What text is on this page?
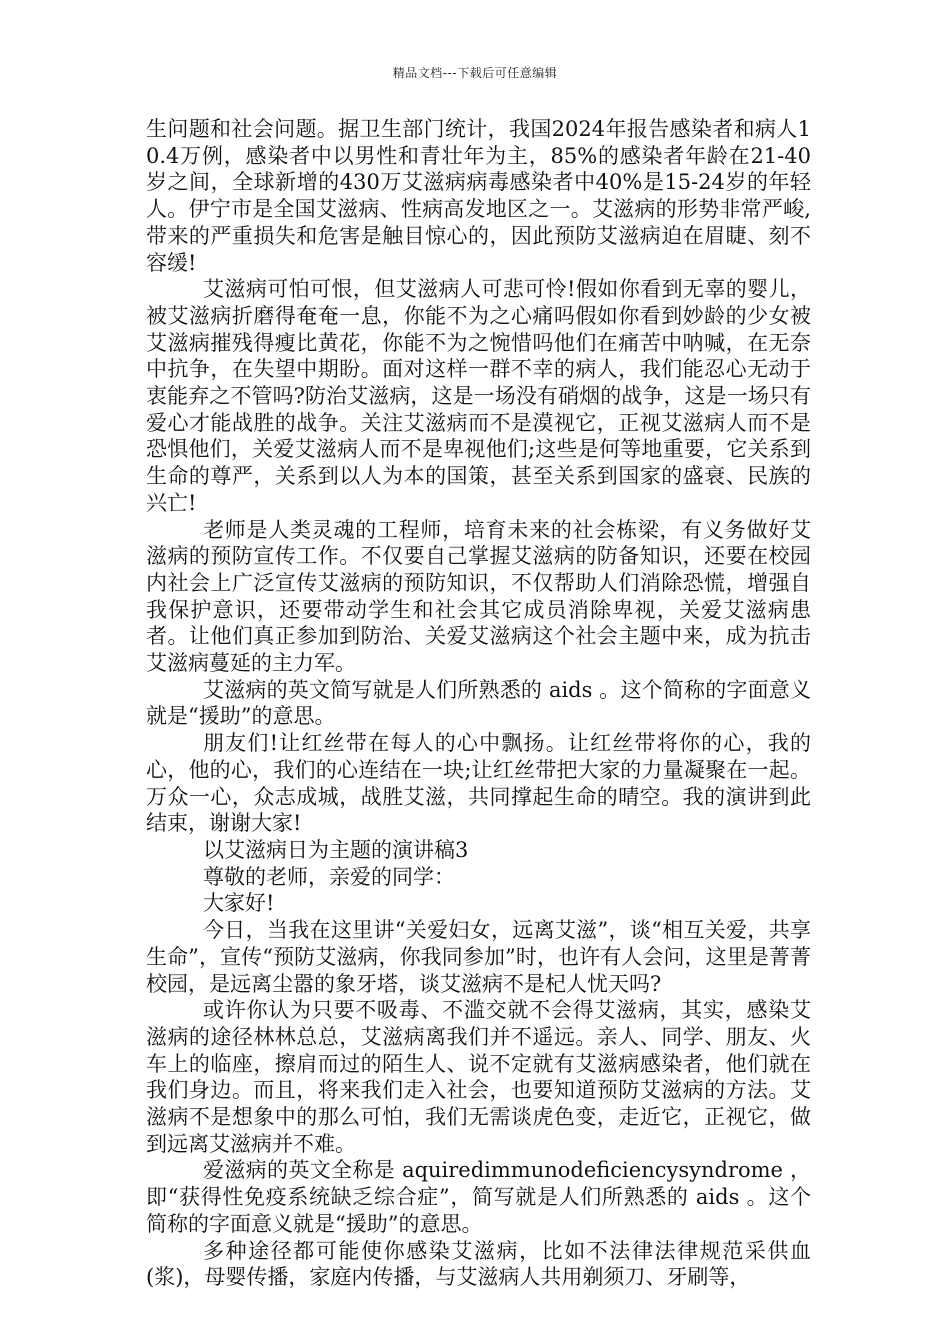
精品文档---下载后可任意编辑

生问题和社会问题。据卫生部门统计，我国2024年报告感染者和病人10.4万例，感染者中以男性和青壮年为主，85%的感染者年龄在21-40岁之间，全球新增的430万艾滋病病毒感染者中40%是15-24岁的年轻人。伊宁市是全国艾滋病、性病高发地区之一。艾滋病的形势非常严峻,带来的严重损失和危害是触目惊心的，因此预防艾滋病迫在眉睫、刻不容缓!

艾滋病可怕可恨，但艾滋病人可悲可怜!假如你看到无辜的婴儿，被艾滋病折磨得奄奄一息，你能不为之心痛吗假如你看到妙龄的少女被艾滋病摧残得瘦比黄花，你能不为之惋惜吗他们在痛苦中呐喊，在无奈中抗争，在失望中期盼。面对这样一群不幸的病人，我们能忍心无动于衷能弃之不管吗?防治艾滋病，这是一场没有硝烟的战争，这是一场只有爱心才能战胜的战争。关注艾滋病而不是漠视它，正视艾滋病人而不是恐惧他们，关爱艾滋病人而不是卑视他们;这些是何等地重要，它关系到生命的尊严，关系到以人为本的国策，甚至关系到国家的盛衰、民族的兴亡!

老师是人类灵魂的工程师，培育未来的社会栋梁，有义务做好艾滋病的预防宣传工作。不仅要自己掌握艾滋病的防备知识，还要在校园内社会上广泛宣传艾滋病的预防知识，不仅帮助人们消除恐慌，增强自我保护意识，还要带动学生和社会其它成员消除卑视，关爱艾滋病患者。让他们真正参加到防治、关爱艾滋病这个社会主题中来，成为抗击艾滋病蔓延的主力军。

艾滋病的英文简写就是人们所熟悉的 aids 。这个简称的字面意义就是“援助”的意思。

朋友们!让红丝带在每人的心中飘扬。让红丝带将你的心，我的心，他的心，我们的心连结在一块;让红丝带把大家的力量凝聚在一起。万众一心，众志成城，战胜艾滋，共同撑起生命的晴空。我的演讲到此结束，谢谢大家!

以艾滋病日为主题的演讲稿3

尊敬的老师，亲爱的同学：

大家好!

今日，当我在这里讲“关爱妇女，远离艾滋”，谈“相互关爱，共享生命”，宣传“预防艾滋病，你我同参加”时，也许有人会问，这里是菁菁校园，是远离尘嚣的象牙塔，谈艾滋病不是杞人忧天吗?

或许你认为只要不吸毒、不滥交就不会得艾滋病，其实，感染艾滋病的途径林林总总，艾滋病离我们并不遥远。亲人、同学、朋友、火车上的临座，擦肩而过的陌生人、说不定就有艾滋病感染者，他们就在我们身边。而且，将来我们走入社会，也要知道预防艾滋病的方法。艾滋病不是想象中的那么可怕，我们无需谈虎色变，走近它，正视它，做到远离艾滋病并不难。

爱滋病的英文全称是 aquiredimmunodeficiencysyndrome ，即“获得性免疫系统缺乏综合症”，简写就是人们所熟悉的 aids 。这个简称的字面意义就是“援助”的意思。

多种途径都可能使你感染艾滋病，比如不法律法律规范采供血(浆)，母婴传播，家庭内传播，与艾滋病人共用剃须刀、牙刷等，
